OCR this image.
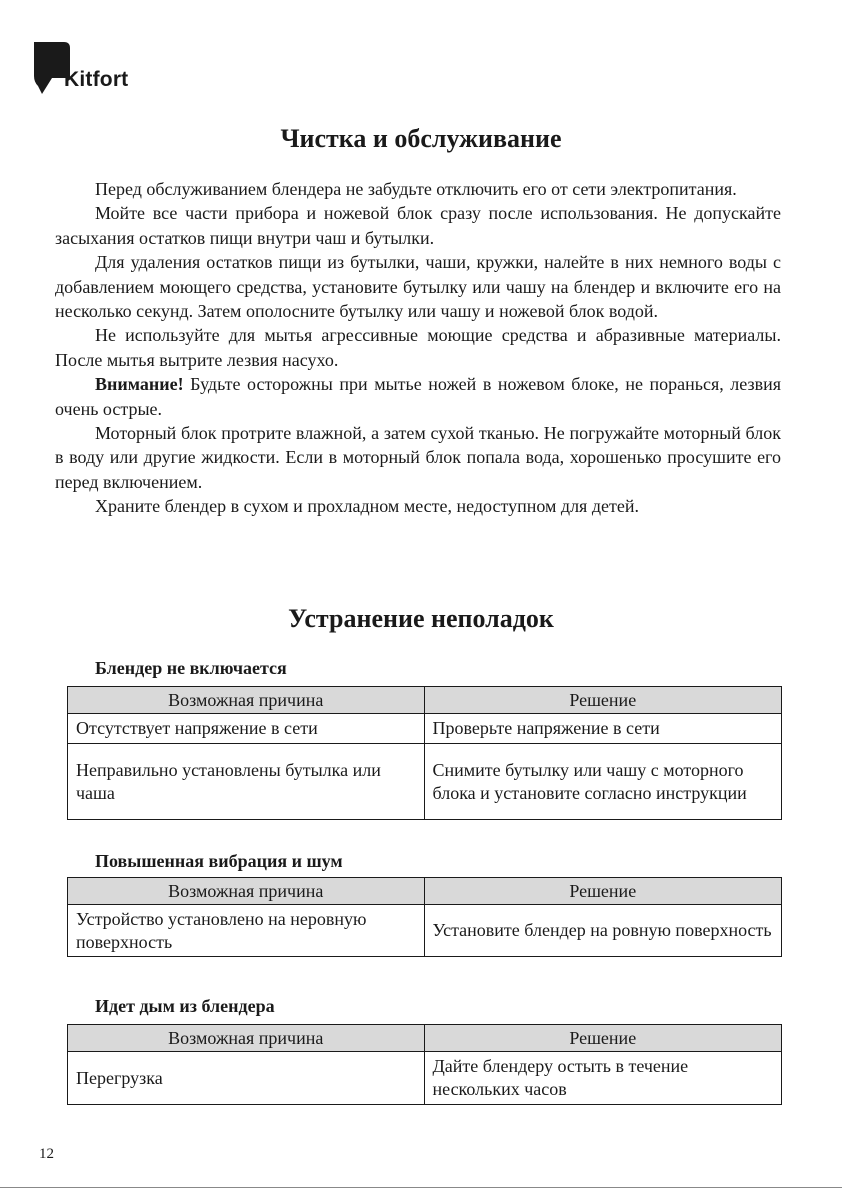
Kitfort
Чистка и обслуживание

Перед обслуживанием блендера не забудьте отключить его от сети электропитания.

Мойте все части прибора и ножевой блок сразу после использования. Не допускайте засыхания остатков пищи внутри чаш и бутылки.

Для удаления остатков пищи из бутылки, чаши, кружки, налейте в них немного воды с добавлением моющего средства, установите бутылку или чашу на блендер и включите его на несколько секунд. Затем ополосните бутылку или чашу и ножевой блок водой.

Не используйте для мытья агрессивные моющие средства и абразивные материалы. После мытья вытрите лезвия насухо.

Внимание! Будьте осторожны при мытье ножей в ножевом блоке, не поранься, лезвия очень острые.

Моторный блок протрите влажной, а затем сухой тканью. Не погружайте моторный блок в воду или другие жидкости. Если в моторный блок попала вода, хорошенько просушите его перед включением.

Храните блендер в сухом и прохладном месте, недоступном для детей.

Устранение неполадок
Блендер не включается
Возможная причина	Решение
Отсутствует напряжение в сети	Проверьте напряжение в сети
Неправильно установлены бутылка или чаша	Снимите бутылку или чашу с моторного блока и установите согласно инструкции
Повышенная вибрация и шум
Возможная причина	Решение
Устройство установлено на неровную поверхность	Установите блендер на ровную поверхность
Идет дым из блендера
Возможная причина	Решение
Перегрузка	Дайте блендеру остыть в течение нескольких часов
12
